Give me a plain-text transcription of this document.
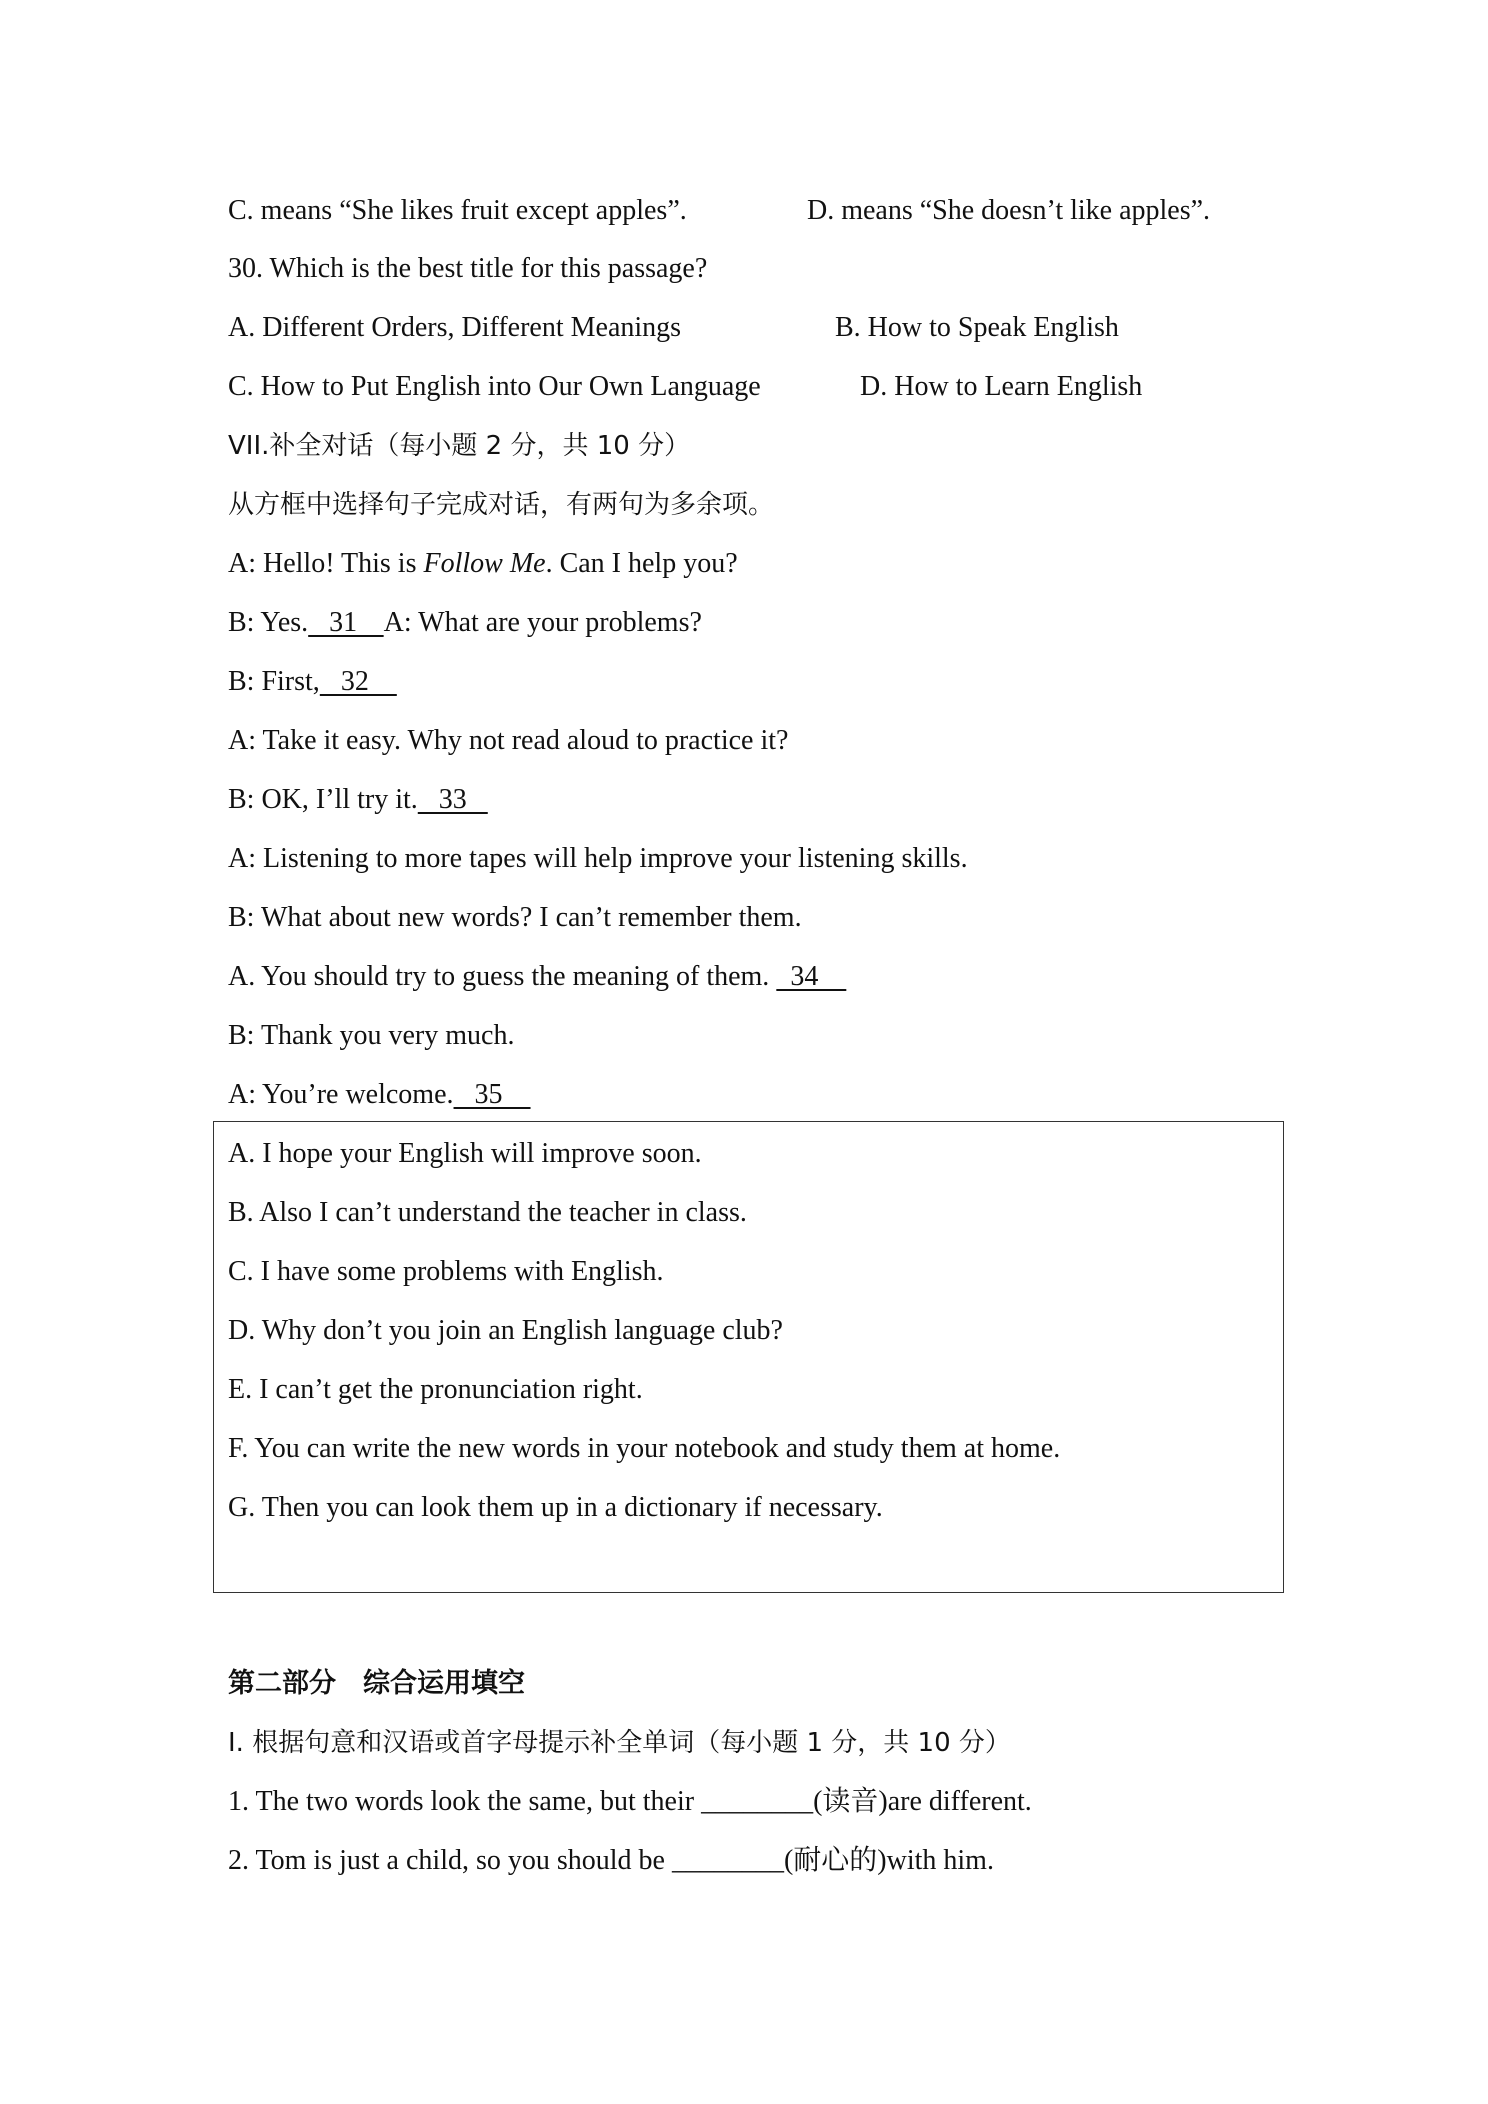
C. means “She likes fruit except apples”.	D. means “She doesn’t like apples”.
30. Which is the best title for this passage?
A. Different Orders, Different Meanings	B. How to Speak English
C. How to Put English into Our Own Language	D. How to Learn English
VII.补全对话（每小题 2 分，共 10 分）
从方框中选择句子完成对话，有两句为多余项。
A: Hello! This is Follow Me. Can I help you?
B: Yes.   31    A: What are your problems?
B: First,   32
A: Take it easy. Why not read aloud to practice it?
B: OK, I’ll try it.   33
A: Listening to more tapes will help improve your listening skills.
B: What about new words? I can’t remember them.
A. You should try to guess the meaning of them.   34
B: Thank you very much.
A: You’re welcome.   35
A. I hope your English will improve soon.
B. Also I can’t understand the teacher in class.
C. I have some problems with English.
D. Why don’t you join an English language club?
E. I can’t get the pronunciation right.
F. You can write the new words in your notebook and study them at home.
G. Then you can look them up in a dictionary if necessary.
第二部分　综合运用填空
I. 根据句意和汉语或首字母提示补全单词（每小题 1 分，共 10 分）
1. The two words look the same, but their ________(读音)are different.
2. Tom is just a child, so you should be ________(耐心的)with him.
